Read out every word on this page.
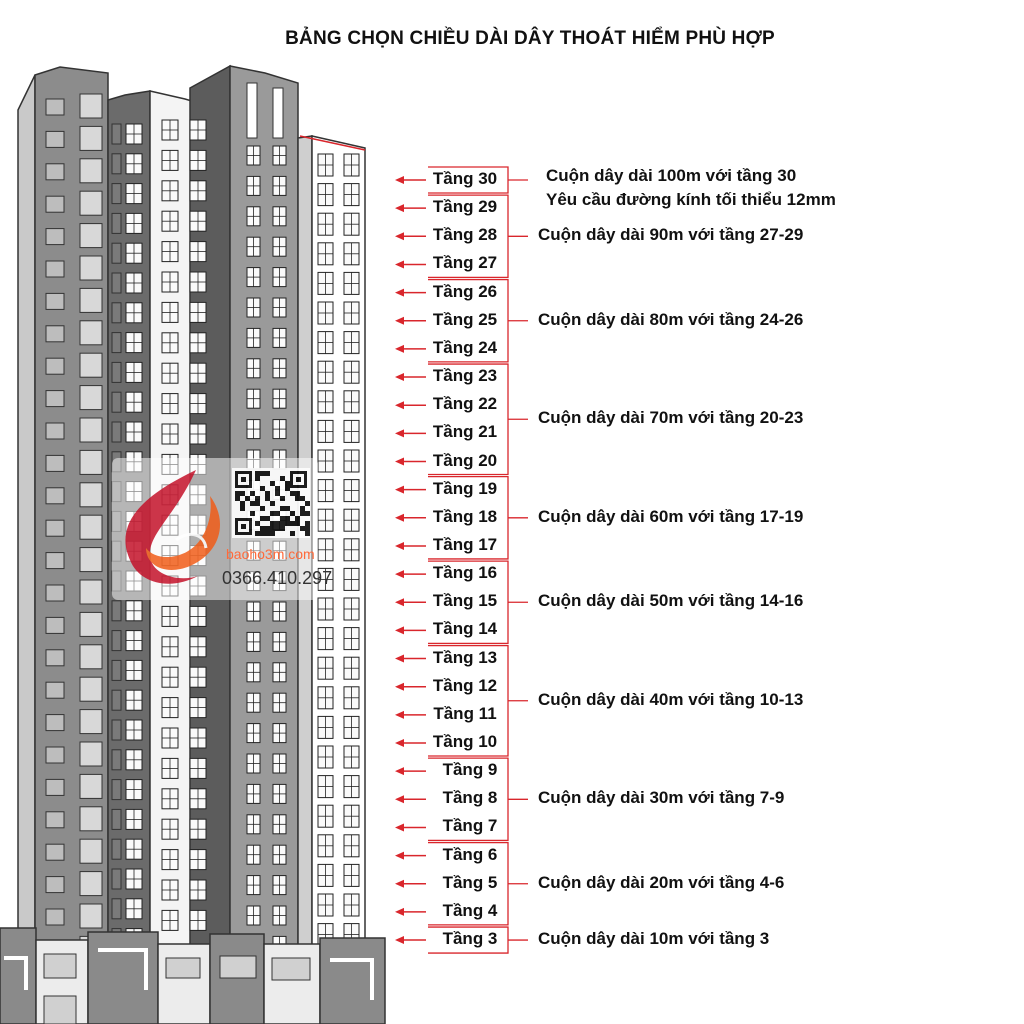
BẢNG CHỌN CHIỀU DÀI DÂY THOÁT HIỂM PHÙ HỢP
Tầng 30
Tầng 29
Tầng 28
Tầng 27
Tầng 26
Tầng 25
Tầng 24
Tầng 23
Tầng 22
Tầng 21
Tầng 20
Tầng 19
Tầng 18
Tầng 17
Tầng 16
Tầng 15
Tầng 14
Tầng 13
Tầng 12
Tầng 11
Tầng 10
Tầng 9
Tầng 8
Tầng 7
Tầng 6
Tầng 5
Tầng 4
Tầng 3
Cuộn dây dài 100m với tầng 30
Yêu cầu đường kính tối thiểu 12mm
Cuộn dây dài 90m với tầng 27-29
Cuộn dây dài 80m với tầng 24-26
Cuộn dây dài 70m với tầng 20-23
Cuộn dây dài 60m với tầng 17-19
Cuộn dây dài 50m với tầng 14-16
Cuộn dây dài 40m với tầng 10-13
Cuộn dây dài 30m với tầng 7-9
Cuộn dây dài 20m với tầng 4-6
Cuộn dây dài 10m với tầng 3
baoho3m.com
0366.410.297
